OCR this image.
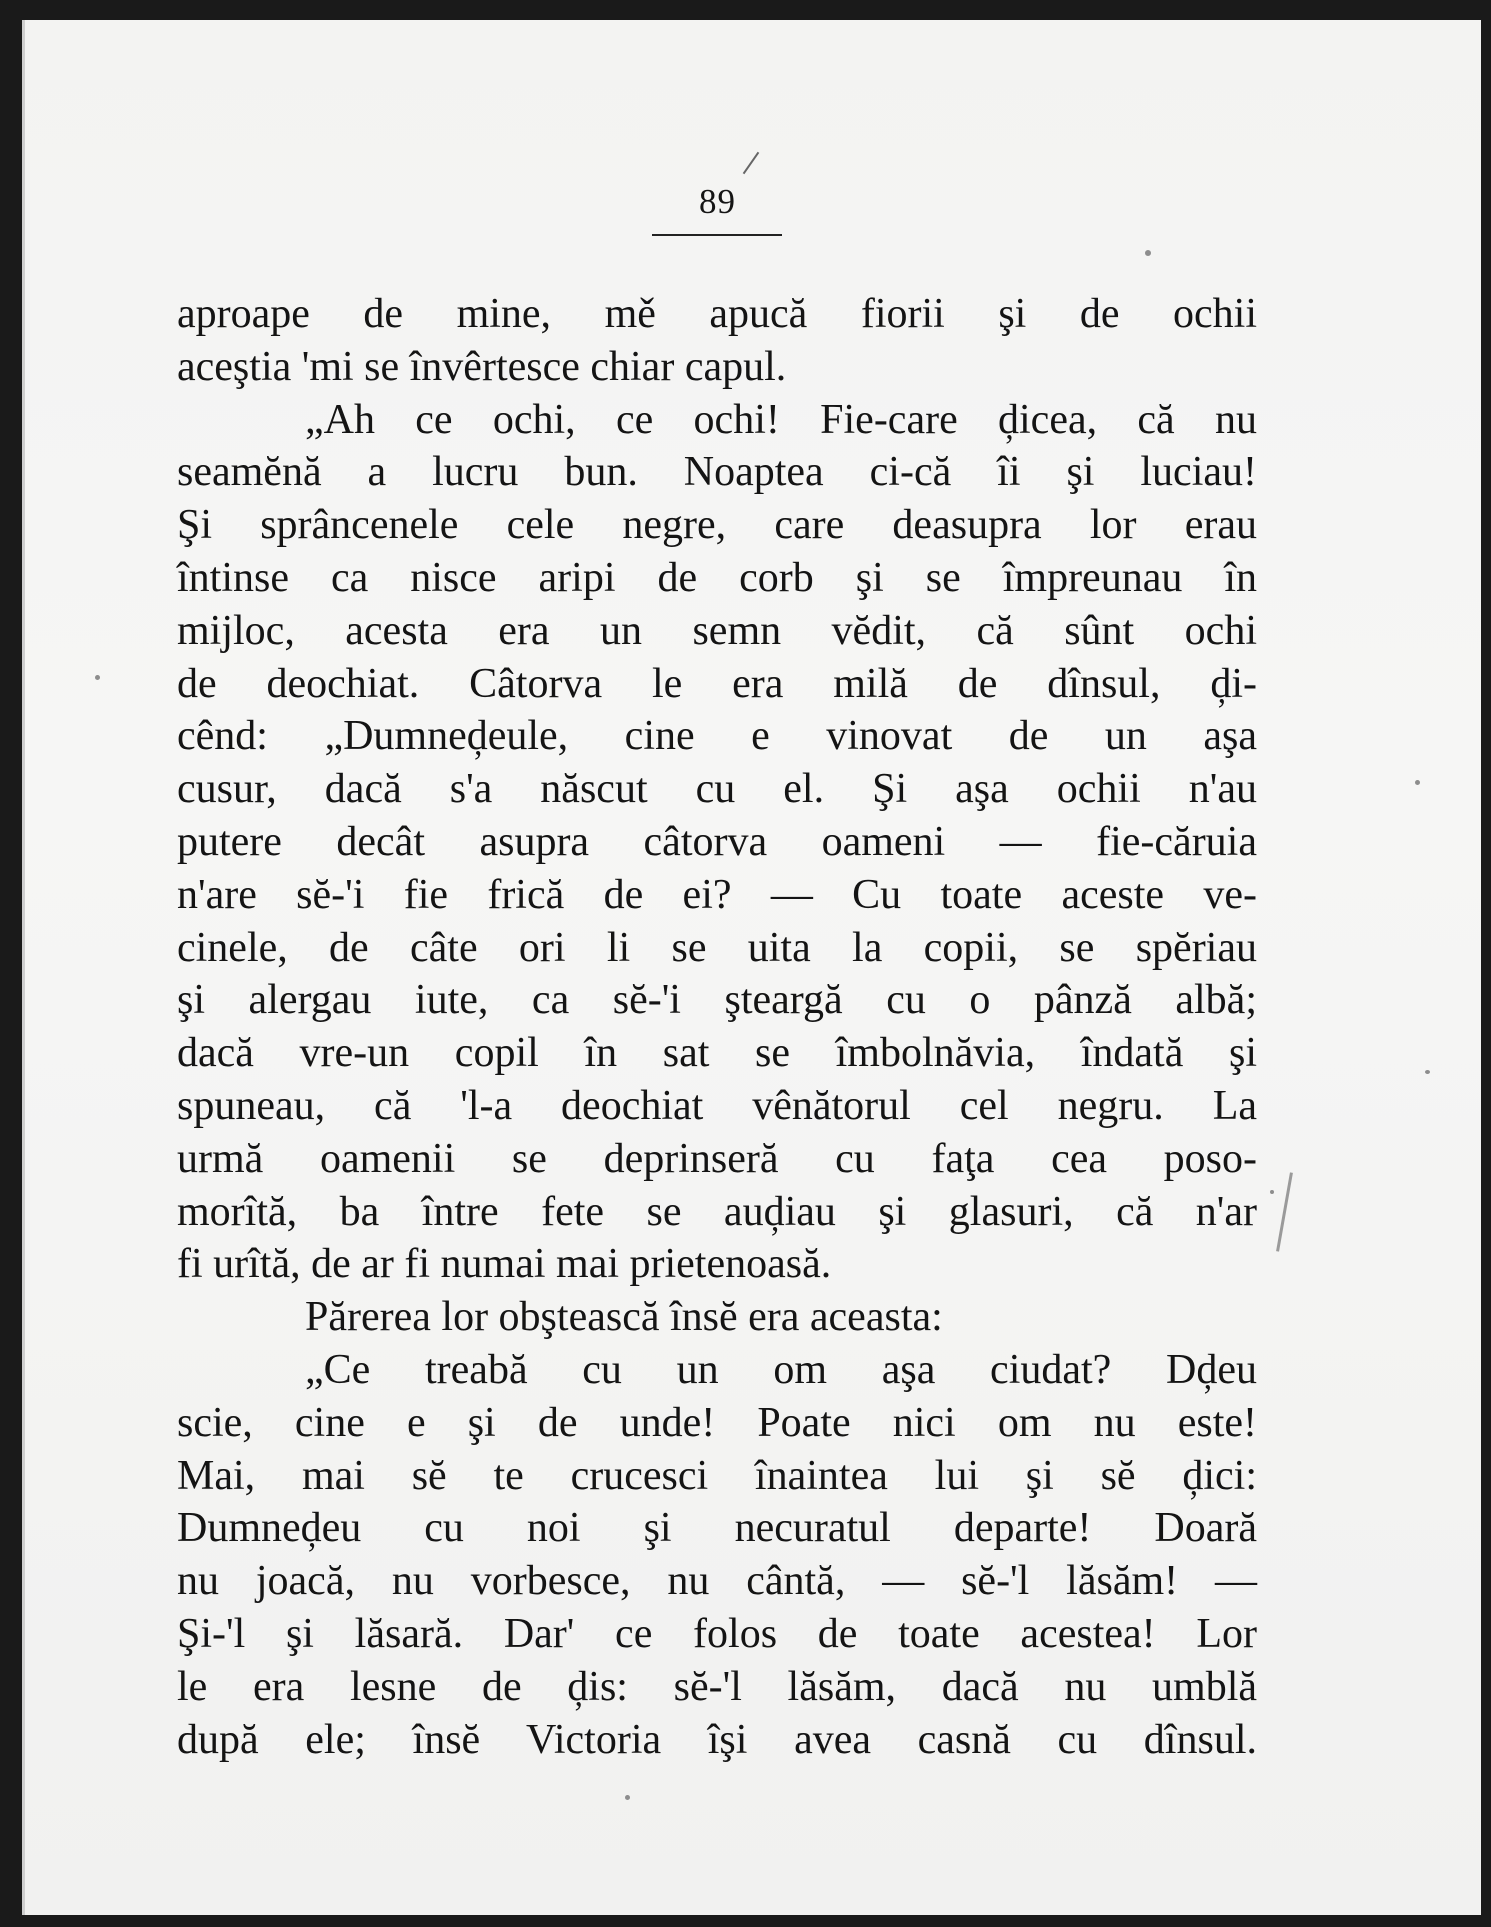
89
aproape de mine, mě apucă fiorii şi de ochii
aceştia 'mi se învêrtesce chiar capul.
„Ah ce ochi, ce ochi! Fie-care ḑicea, că nu
seamĕnă a lucru bun. Noaptea ci-că îi şi luciau!
Şi sprâncenele cele negre, care deasupra lor erau
întinse ca nisce aripi de corb şi se împreunau în
mijloc, acesta era un semn vĕdit, că sûnt ochi
de deochiat. Câtorva le era milă de dînsul, ḑi-
cênd: „Dumneḑeule, cine e vinovat de un aşa
cusur, dacă s'a născut cu el. Şi aşa ochii n'au
putere decât asupra câtorva oameni — fie-căruia
n'are sĕ-'i fie frică de ei? — Cu toate aceste ve-
cinele, de câte ori li se uita la copii, se spĕriau
şi alergau iute, ca sĕ-'i şteargă cu o pânză albă;
dacă vre-un copil în sat se îmbolnăvia, îndată şi
spuneau, că 'l-a deochiat vênătorul cel negru. La
urmă oamenii se deprinseră cu faţa cea poso-
morîtă, ba între fete se auḑiau şi glasuri, că n'ar
fi urîtă, de ar fi numai mai prietenoasă.
Părerea lor obştească însĕ era aceasta:
„Ce treabă cu un om aşa ciudat? Dḑeu
scie, cine e şi de unde! Poate nici om nu este!
Mai, mai sĕ te crucesci înaintea lui şi sĕ ḑici:
Dumneḑeu cu noi şi necuratul departe! Doară
nu joacă, nu vorbesce, nu cântă, — sĕ-'l lăsăm! —
Şi-'l şi lăsară. Dar' ce folos de toate acestea! Lor
le era lesne de ḑis: sĕ-'l lăsăm, dacă nu umblă
după ele; însĕ Victoria îşi avea casnă cu dînsul.
